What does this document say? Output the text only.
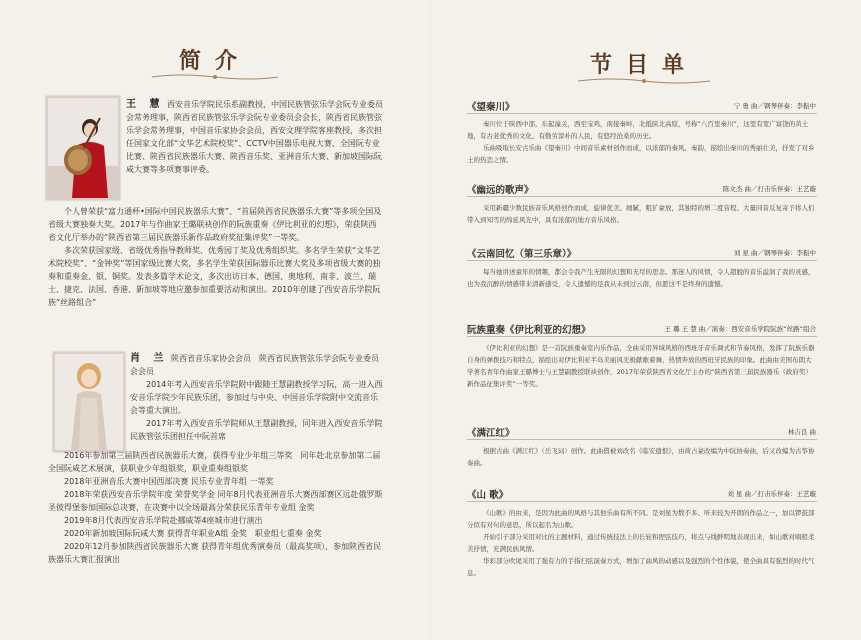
简介

王 慧 西安音乐学院民乐系副教授，中国民族管弦乐学会阮专业委员会常务理事，陕西省民族管弦乐学会阮专业委员会会长，陕西省民族管弦乐学会常务理事，中国音乐家协会会员，西安文理学院客座教授，多次担任国家文化部“文华艺术院校奖”、CCTV中国器乐电视大赛、全国阮专业比赛、陕西省民族器乐大赛、陕西音乐奖、亚洲音乐大赛、新加坡国际阮咸大赛等多项赛事评委。

个人曾荣获“富力通杯•国际中国民族器乐大赛”、“首届陕西省民族器乐大赛”等多项全国及省级大赛独奏大奖。2017年与作曲家王璐联袂创作的阮族重奏《伊比利亚的幻想》，荣获陕西省文化厅举办的“陕西省第三届民族器乐新作品政府奖征集评奖”一等奖。

多次荣获国家级、省级优秀指导教师奖、优秀园丁奖及优秀组织奖。多名学生荣获“文华艺术院校奖”、“金钟奖”等国家级比赛大奖，多名学生荣获国际器乐比赛大奖及多项省级大赛的独奏和重奏金、银、铜奖。发表多篇学术论文，多次出访日本、德国、奥地利、南非、波兰、瑞士、捷克、法国、香港、新加坡等地应邀参加重要活动和演出。2010年创建了西安音乐学院阮族“丝路组合”

肖 兰 陕西省音乐家协会会员　陕西省民族管弦乐学会阮专业委员会会员

2014年考入西安音乐学院附中跟随王慧副教授学习阮，高一进入西安音乐学院少年民族乐团，参加过与中央、中国音乐学院附中交流音乐会等重大演出。

2017年考入西安音乐学院师从王慧副教授，同年进入西安音乐学院民族管弦乐团担任中阮首席

2016年参加第三届陕西省民族器乐大赛，获得专业少年组三等奖　同年赴北京参加第二届全国阮咸艺术展演，获职业少年组银奖，职业重奏组银奖

2018年亚洲音乐大赛中国西部决赛 民乐专业青年组 一等奖

2018年荣获西安音乐学院年度 荣誉奖学金 同年8月代表亚洲音乐大赛西部赛区远赴俄罗斯圣彼得堡参加国际总决赛，在决赛中以全场最高分荣获民乐青年专业组 金奖

2019年8月代表西安音乐学院赴挪威等4座城市进行演出

2020年新加坡国际阮咸大赛 获得青年职业A组 金奖　职业组七重奏 金奖

2020年12月参加陕西省民族器乐大赛 获得青年组优秀演奏员（最高奖项），参加陕西省民族器乐大赛汇报演出

节目单
《望秦川》	宁 勇 曲／钢琴伴奏：李振中

秦川位于陕西中部，东起潼关，西至宝鸡，南接秦岭，北抵陕北高原，号称“八百里秦川”，这里有宽广富饶的黄土地，有古老优秀的文化，有勤劳淳朴的人民，有悠经沧桑的历史。

乐曲吸取长安古乐曲《望秦川》中间音乐素材创作而成，以浓郁的秦风、秦韵，描绘出秦川的秀丽壮美，抒发了对乡土的热恋之情。

《幽远的歌声》	陈文杰 曲／打击乐伴奏：王艺璇

采用新疆少数民族音乐风格创作而成，旋律优美、细腻，粗犷豪放，其独特的增二度音程、大量同音反复寄予将人们带入到知雪的绵延风光中，具有浓郁的地方音乐风格。

《云南回忆（第三乐章）》	刘 星 曲／钢琴伴奏：李振中

每当她讲述童年的情趣，都会令我产生无限的幻想和无尽的思念。那迷人的风情，令人超脱的音乐溢润了我的灵感，也为我沉醉的情感带来清新感受，令人遗憾的是我从未到过云南，但愿这不是终身的遗憾。

阮族重奏《伊比利亚的幻想》	王 璐 王 慧 曲／演奏：西安音乐学院阮族“丝路”组合

《伊比利亚的幻想》是一首阮族重奏室内乐作品，全曲采用异域风格的西班牙音乐调式和节奏风格，发挥了阮族乐器自身的弹拨技巧和特点，描绘出对伊比利亚半岛美丽风光极献歌着舞，热情奔放的西班牙民族的印象。此曲由美国布朗大学著名青年作曲家王璐博士与王慧副教授联袂创作，2017年荣获陕西省文化厅主办的“陕西省第三届民族器乐（政府奖）新作品征集评奖”一等奖。

《满江红》	林吉良 曲

根据古曲《满江红》（岳飞词）创作。此曲借被刘改名《临安遗恨》，由荷占豪改编为中阮协奏曲，后又改编为古筝协奏曲。

《山 歌》	刘 星 曲／打击乐伴奏：王艺璇

《山歌》的由来，是因为此曲的风格与其他乐曲有所不同。是刘星为数不多、听来较为开朗的作品之一，加以锣鼓部分似有对句的意思，所以起名为山歌。

开始引子部分采用对比的主题材料，通过传统技法上的长轮和捏弦技巧，将点与线鲜明地表现出来，如山歌对唱般柔美抒情，充满民族风情。

华彩部分吹尾采用了强有力的手指扫弦演奏方式，增加了曲风的动感以及强烈的个性体貌，使全曲具有强烈的时代气息。
